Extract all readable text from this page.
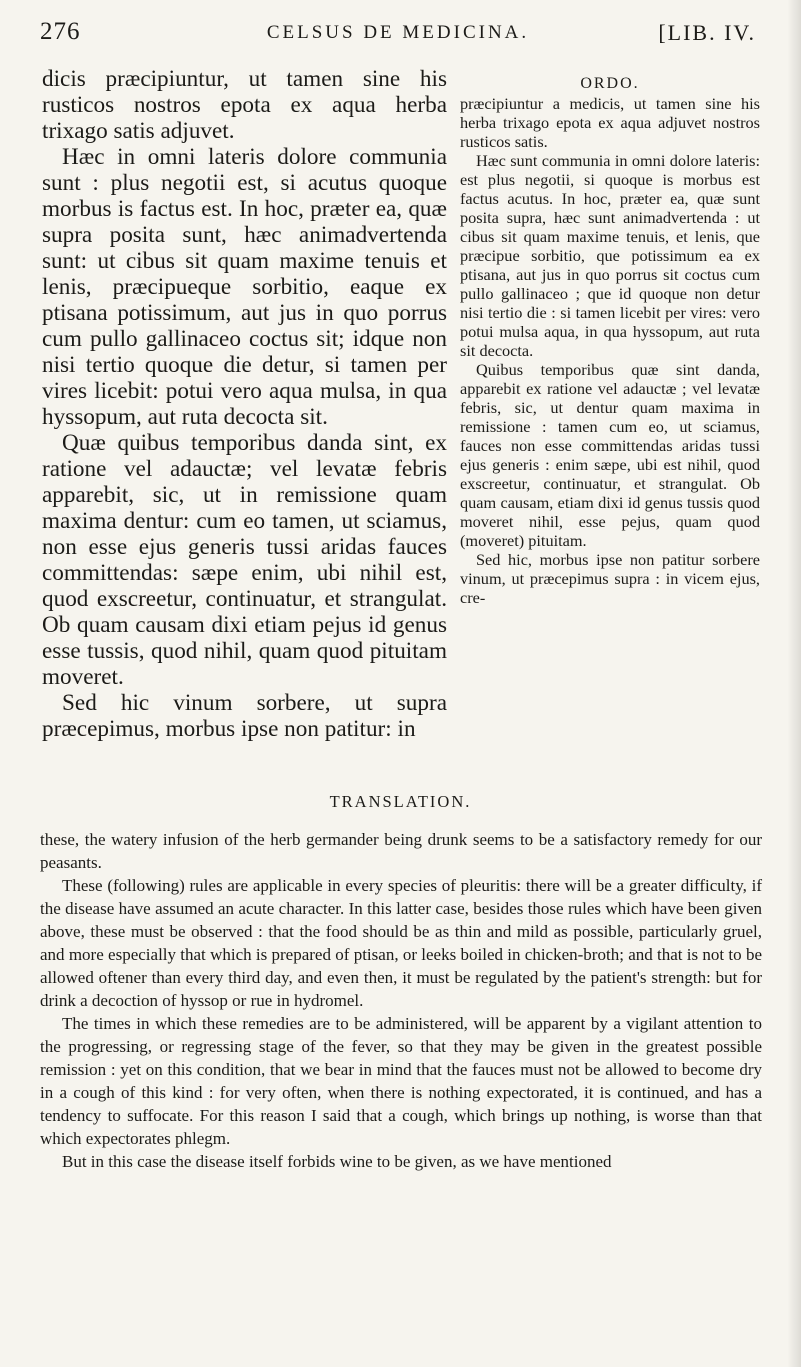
276	CELSUS DE MEDICINA.	[LIB. IV.

dicis præcipiuntur, ut tamen sine his rusticos nostros epota ex aqua herba trixago satis adjuvet.

Hæc in omni lateris dolore communia sunt : plus negotii est, si acutus quoque morbus is factus est. In hoc, præter ea, quæ supra posita sunt, hæc animadvertenda sunt: ut cibus sit quam maxime tenuis et lenis, præcipueque sorbitio, eaque ex ptisana potissimum, aut jus in quo porrus cum pullo gallinaceo coctus sit; idque non nisi tertio quoque die detur, si tamen per vires licebit: potui vero aqua mulsa, in qua hyssopum, aut ruta decocta sit.

Quæ quibus temporibus danda sint, ex ratione vel adauctæ; vel levatæ febris apparebit, sic, ut in remissione quam maxima dentur: cum eo tamen, ut sciamus, non esse ejus generis tussi aridas fauces committendas: sæpe enim, ubi nihil est, quod exscreetur, continuatur, et strangulat. Ob quam causam dixi etiam pejus id genus esse tussis, quod nihil, quam quod pituitam moveret.

Sed hic vinum sorbere, ut supra præcepimus, morbus ipse non patitur: in

ORDO.

præcipiuntur a medicis, ut tamen sine his herba trixago epota ex aqua adjuvet nostros rusticos satis.

Hæc sunt communia in omni dolore lateris: est plus negotii, si quoque is morbus est factus acutus. In hoc, præter ea, quæ sunt posita supra, hæc sunt animadvertenda : ut cibus sit quam maxime tenuis, et lenis, que præcipue sorbitio, que potissimum ea ex ptisana, aut jus in quo porrus sit coctus cum pullo gallinaceo ; que id quoque non detur nisi tertio die : si tamen licebit per vires: vero potui mulsa aqua, in qua hyssopum, aut ruta sit decocta.

Quibus temporibus quæ sint danda, apparebit ex ratione vel adauctæ ; vel levatæ febris, sic, ut dentur quam maxima in remissione : tamen cum eo, ut sciamus, fauces non esse committendas aridas tussi ejus generis : enim sæpe, ubi est nihil, quod exscreetur, continuatur, et strangulat. Ob quam causam, etiam dixi id genus tussis quod moveret nihil, esse pejus, quam quod (moveret) pituitam.

Sed hic, morbus ipse non patitur sorbere vinum, ut præcepimus supra : in vicem ejus, cre-

TRANSLATION.

these, the watery infusion of the herb germander being drunk seems to be a satisfactory remedy for our peasants.

These (following) rules are applicable in every species of pleuritis: there will be a greater difficulty, if the disease have assumed an acute character. In this latter case, besides those rules which have been given above, these must be observed : that the food should be as thin and mild as possible, particularly gruel, and more especially that which is prepared of ptisan, or leeks boiled in chicken-broth; and that is not to be allowed oftener than every third day, and even then, it must be regulated by the patient's strength: but for drink a decoction of hyssop or rue in hydromel.

The times in which these remedies are to be administered, will be apparent by a vigilant attention to the progressing, or regressing stage of the fever, so that they may be given in the greatest possible remission : yet on this condition, that we bear in mind that the fauces must not be allowed to become dry in a cough of this kind : for very often, when there is nothing expectorated, it is continued, and has a tendency to suffocate. For this reason I said that a cough, which brings up nothing, is worse than that which expectorates phlegm.

But in this case the disease itself forbids wine to be given, as we have mentioned
